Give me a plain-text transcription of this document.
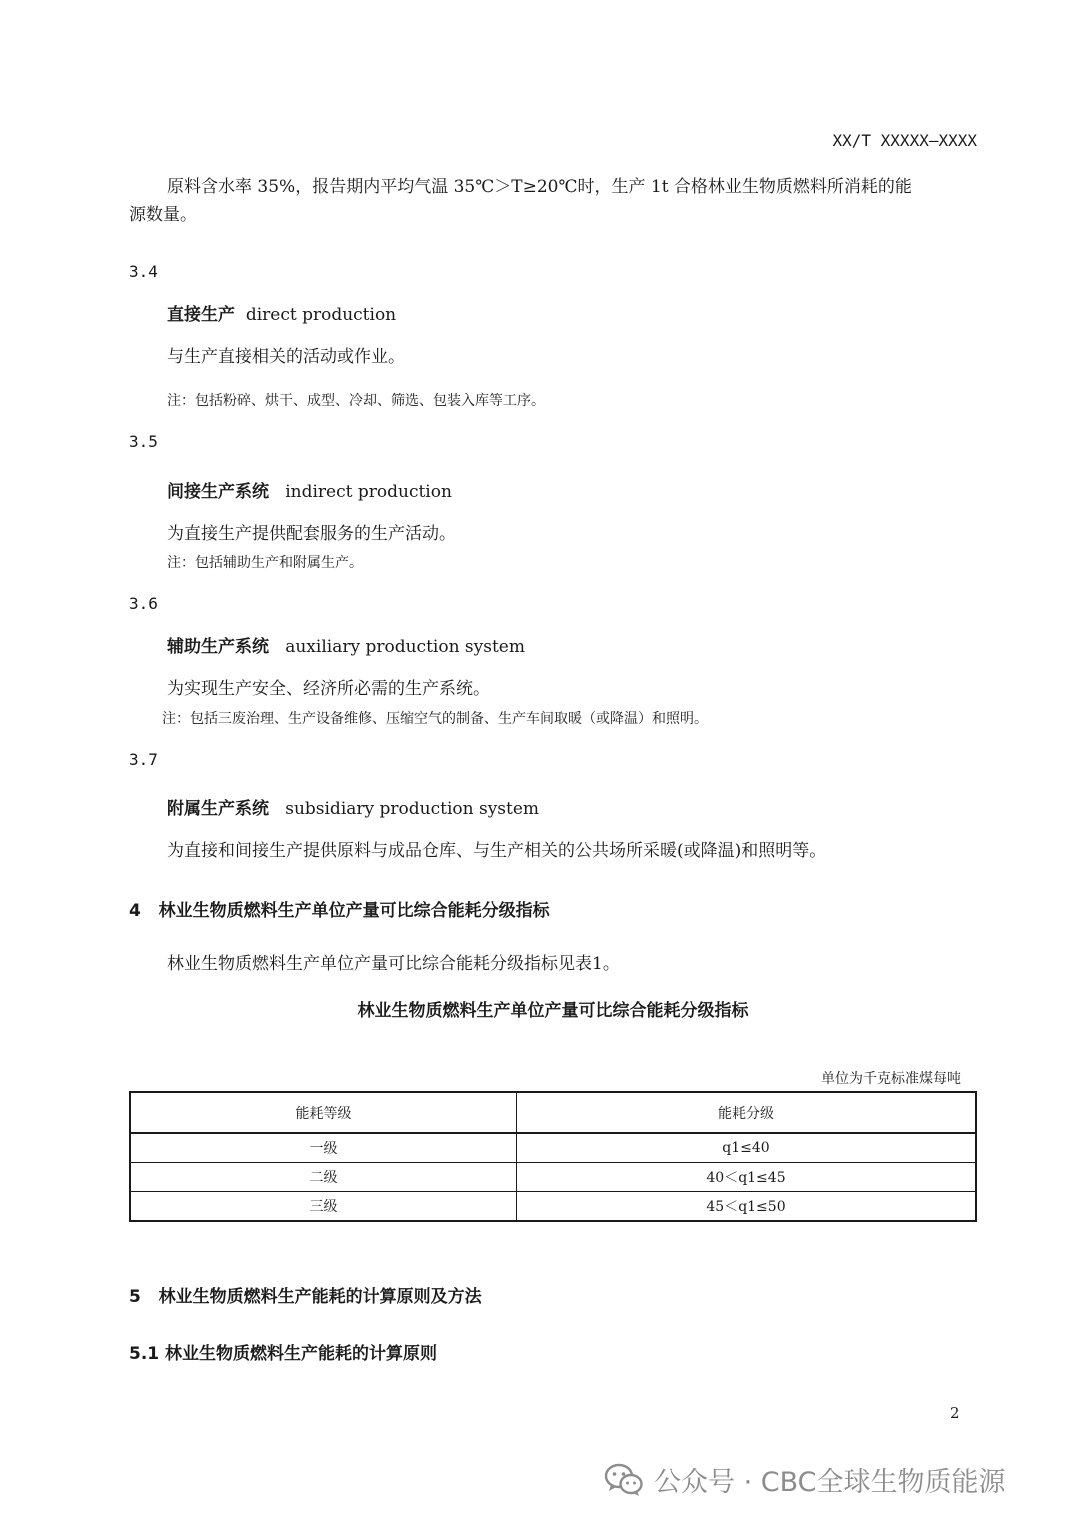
XX/T XXXXX—XXXX
原料含水率 35%，报告期内平均气温 35℃＞T≥20℃时，生产 1t 合格林业生物质燃料所消耗的能
源数量。
3.4
直接生产 direct production
与生产直接相关的活动或作业。
注：包括粉碎、烘干、成型、冷却、筛选、包装入库等工序。
3.5
间接生产系统 indirect production
为直接生产提供配套服务的生产活动。
注：包括辅助生产和附属生产。
3.6
辅助生产系统 auxiliary production system
为实现生产安全、经济所必需的生产系统。
注：包括三废治理、生产设备维修、压缩空气的制备、生产车间取暖（或降温）和照明。
3.7
附属生产系统 subsidiary production system
为直接和间接生产提供原料与成品仓库、与生产相关的公共场所采暖(或降温)和照明等。
4 林业生物质燃料生产单位产量可比综合能耗分级指标
林业生物质燃料生产单位产量可比综合能耗分级指标见表1。
林业生物质燃料生产单位产量可比综合能耗分级指标
单位为千克标准煤每吨
能耗等级	能耗分级
一级	q1≤40
二级	40＜q1≤45
三级	45＜q1≤50
5 林业生物质燃料生产能耗的计算原则及方法
5.1 林业生物质燃料生产能耗的计算原则
2
公众号 · CBC全球生物质能源
